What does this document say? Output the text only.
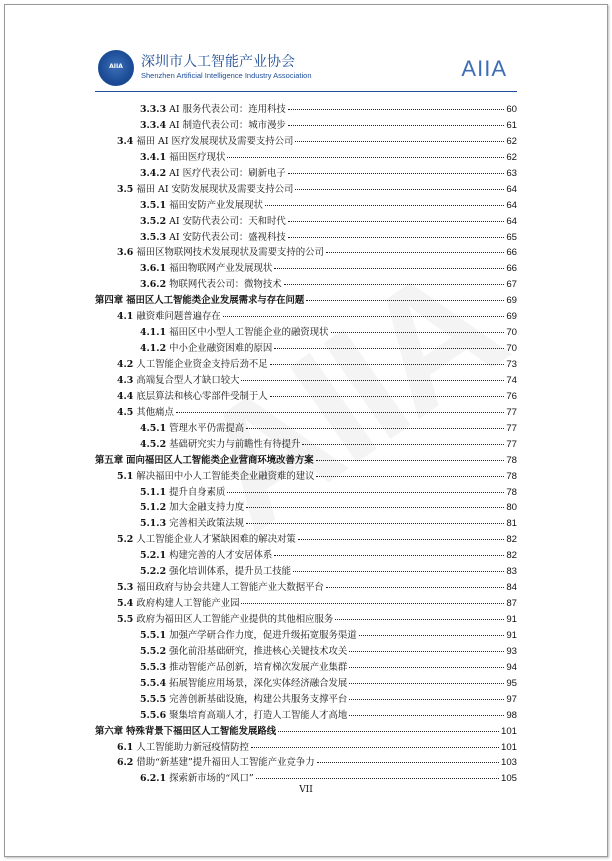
AIIA 深圳市人工智能产业协会
Shenzhen Artificial Intelligence Industry Association	AIIA
3.3.3 AI 服务代表公司：连用科技	60
3.3.4 AI 制造代表公司：城市漫步	61
3.4 福田 AI 医疗发展现状及需要支持公司	62
3.4.1 福田医疗现状	62
3.4.2 AI 医疗代表公司：刷新电子	63
3.5 福田 AI 安防发展现状及需要支持公司	64
3.5.1 福田安防产业发展现状	64
3.5.2 AI 安防代表公司：天和时代	64
3.5.3 AI 安防代表公司：盛视科技	65
3.6 福田区物联网技术发展现状及需要支持的公司	66
3.6.1 福田物联网产业发展现状	66
3.6.2 物联网代表公司：微物技术	67
第四章 福田区人工智能类企业发展需求与存在问题	69
4.1 融资难问题普遍存在	69
4.1.1 福田区中小型人工智能企业的融资现状	70
4.1.2 中小企业融资困难的原因	70
4.2 人工智能企业资金支持后劲不足	73
4.3 高端复合型人才缺口较大	74
4.4 底层算法和核心零部件受制于人	76
4.5 其他痛点	77
4.5.1 管理水平仍需提高	77
4.5.2 基础研究实力与前瞻性有待提升	77
第五章 面向福田区人工智能类企业营商环境改善方案	78
5.1 解决福田中小人工智能类企业融资难的建议	78
5.1.1 提升自身素质	78
5.1.2 加大金融支持力度	80
5.1.3 完善相关政策法规	81
5.2 人工智能企业人才紧缺困难的解决对策	82
5.2.1 构建完善的人才安居体系	82
5.2.2 强化培训体系，提升员工技能	83
5.3 福田政府与协会共建人工智能产业大数据平台	84
5.4 政府构建人工智能产业园	87
5.5 政府为福田区人工智能产业提供的其他相应服务	91
5.5.1 加强产学研合作力度，促进升级拓宽服务渠道	91
5.5.2 强化前沿基础研究，推进核心关键技术攻关	93
5.5.3 推动智能产品创新，培育梯次发展产业集群	94
5.5.4 拓展智能应用场景，深化实体经济融合发展	95
5.5.5 完善创新基础设施，构建公共服务支撑平台	97
5.5.6 聚集培育高端人才，打造人工智能人才高地	98
第六章 特殊背景下福田区人工智能发展路线	101
6.1 人工智能助力新冠疫情防控	101
6.2 借助“新基建”提升福田人工智能产业竞争力	103
6.2.1 探索新市场的“风口”	105
VII
